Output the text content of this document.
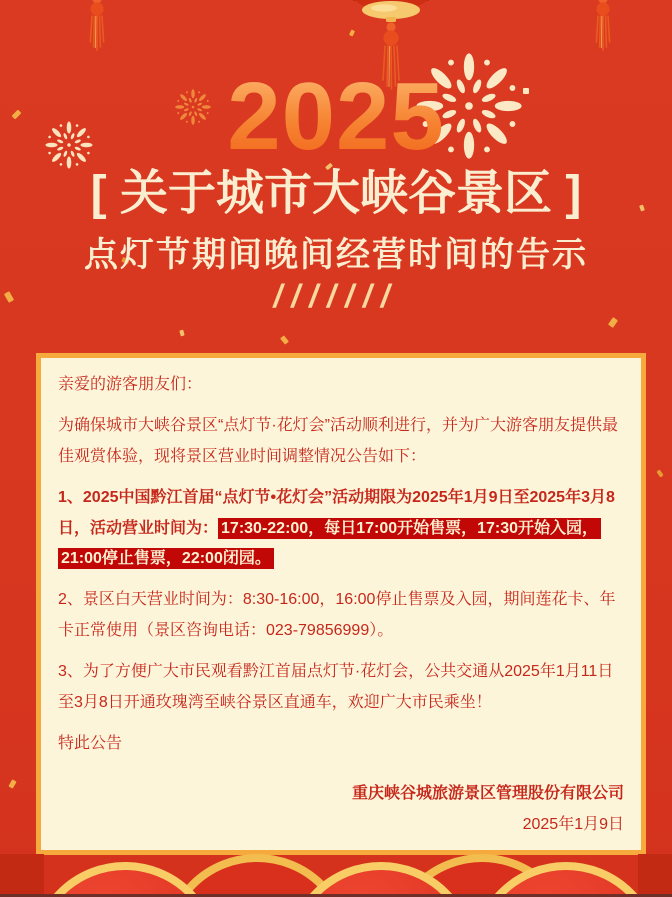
2025
[ 关于城市大峡谷景区 ]
点灯节期间晚间经营时间的告示
///////

亲爱的游客朋友们：

为确保城市大峡谷景区“点灯节·花灯会”活动顺利进行，并为广大游客朋友提供最佳观赏体验，现将景区营业时间调整情况公告如下：

1、2025中国黔江首届“点灯节•花灯会”活动期限为2025年1月9日至2025年3月8日，活动营业时间为： 17:30-22:00，每日17:00开始售票，17:30开始入园，21:00停止售票，22:00闭园。

2、景区白天营业时间为：8:30-16:00，16:00停止售票及入园，期间莲花卡、年卡正常使用（景区咨询电话：023-79856999）。

3、为了方便广大市民观看黔江首届点灯节·花灯会，公共交通从2025年1月11日至3月8日开通玫瑰湾至峡谷景区直通车，欢迎广大市民乘坐！

特此公告

重庆峡谷城旅游景区管理股份有限公司

2025年1月9日
